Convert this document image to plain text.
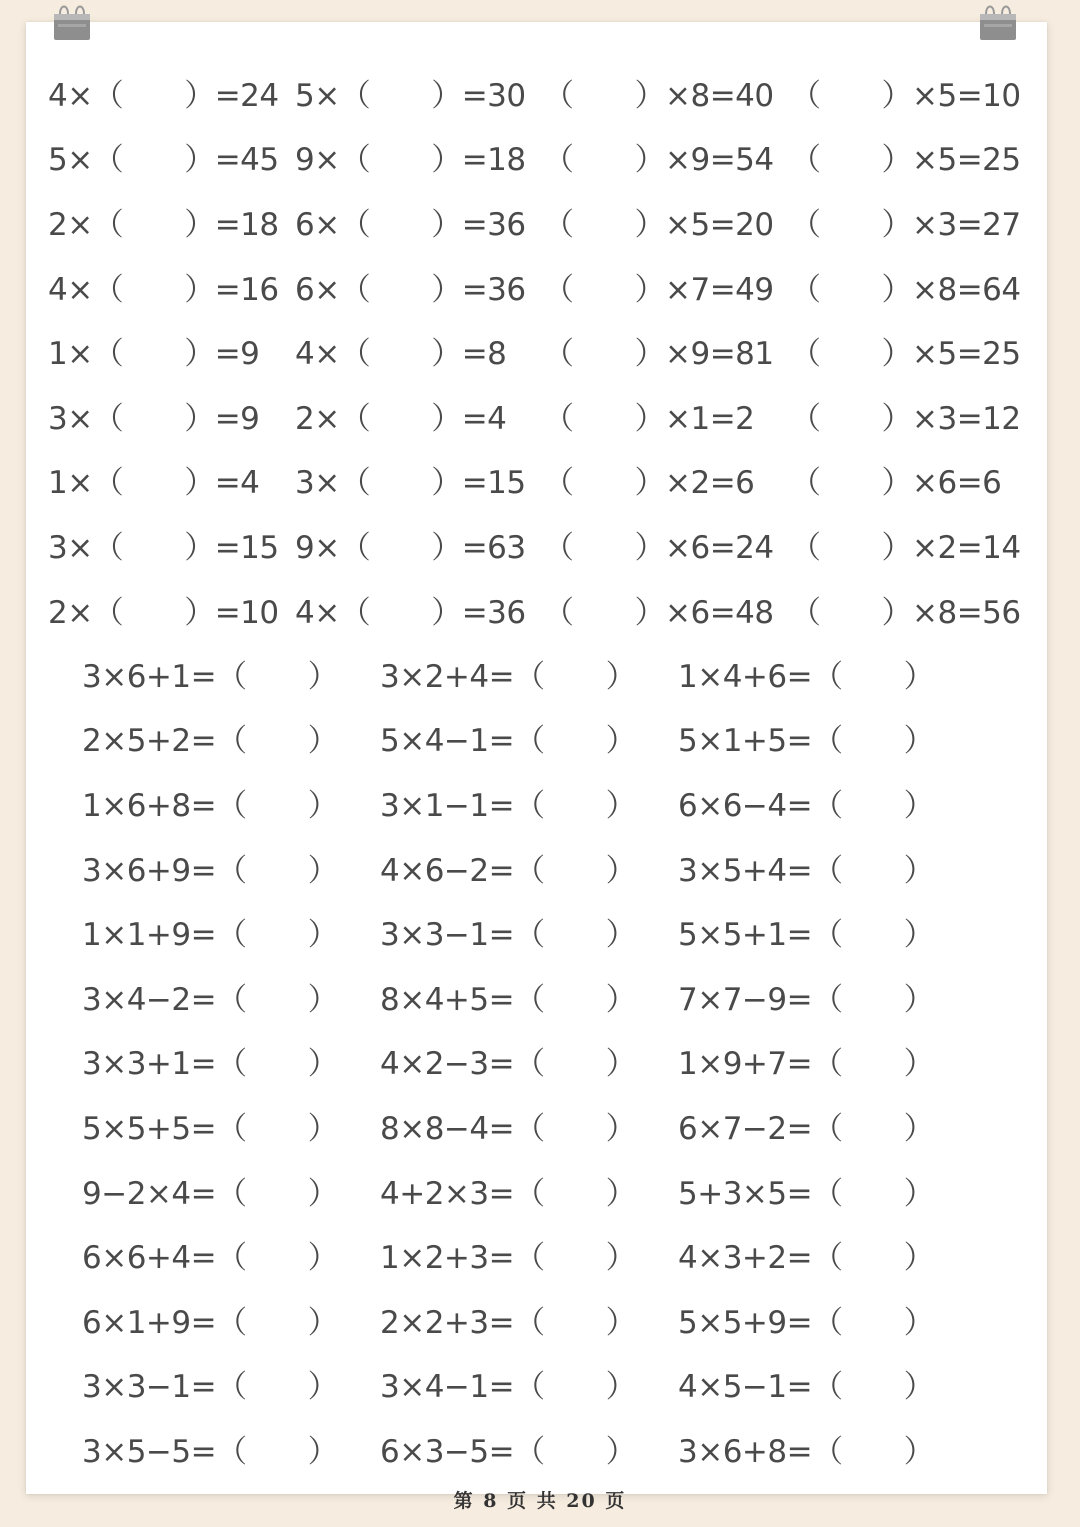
4×（　　）=24 5×（　　）=30 （　　）×8=40 （　　）×5=10
5×（　　）=45 9×（　　）=18 （　　）×9=54 （　　）×5=25
2×（　　）=18 6×（　　）=36 （　　）×5=20 （　　）×3=27
4×（　　）=16 6×（　　）=36 （　　）×7=49 （　　）×8=64
1×（　　）=9	4×（　　）=8	（　　）×9=81 （　　）×5=25
3×（　　）=9	2×（　　）=4	（　　）×1=2	（　　）×3=12
1×（　　）=4	3×（　　）=15 （　　）×2=6	（　　）×6=6
3×（　　）=15 9×（　　）=63 （　　）×6=24 （　　）×2=14
2×（　　）=10 4×（　　）=36 （　　）×6=48 （　　）×8=56
3×6+1=（　　）	3×2+4=（　　）	1×4+6=（　　）
2×5+2=（　　）	5×4−1=（　　）	5×1+5=（　　）
1×6+8=（　　）	3×1−1=（　　）	6×6−4=（　　）
3×6+9=（　　）	4×6−2=（　　）	3×5+4=（　　）
1×1+9=（　　）	3×3−1=（　　）	5×5+1=（　　）
3×4−2=（　　）	8×4+5=（　　）	7×7−9=（　　）
3×3+1=（　　）	4×2−3=（　　）	1×9+7=（　　）
5×5+5=（　　）	8×8−4=（　　）	6×7−2=（　　）
9−2×4=（　　）	4+2×3=（　　）	5+3×5=（　　）
6×6+4=（　　）	1×2+3=（　　）	4×3+2=（　　）
6×1+9=（　　）	2×2+3=（　　）	5×5+9=（　　）
3×3−1=（　　）	3×4−1=（　　）	4×5−1=（　　）
3×5−5=（　　）	6×3−5=（　　）	3×6+8=（　　）
第 8 页 共 20 页
